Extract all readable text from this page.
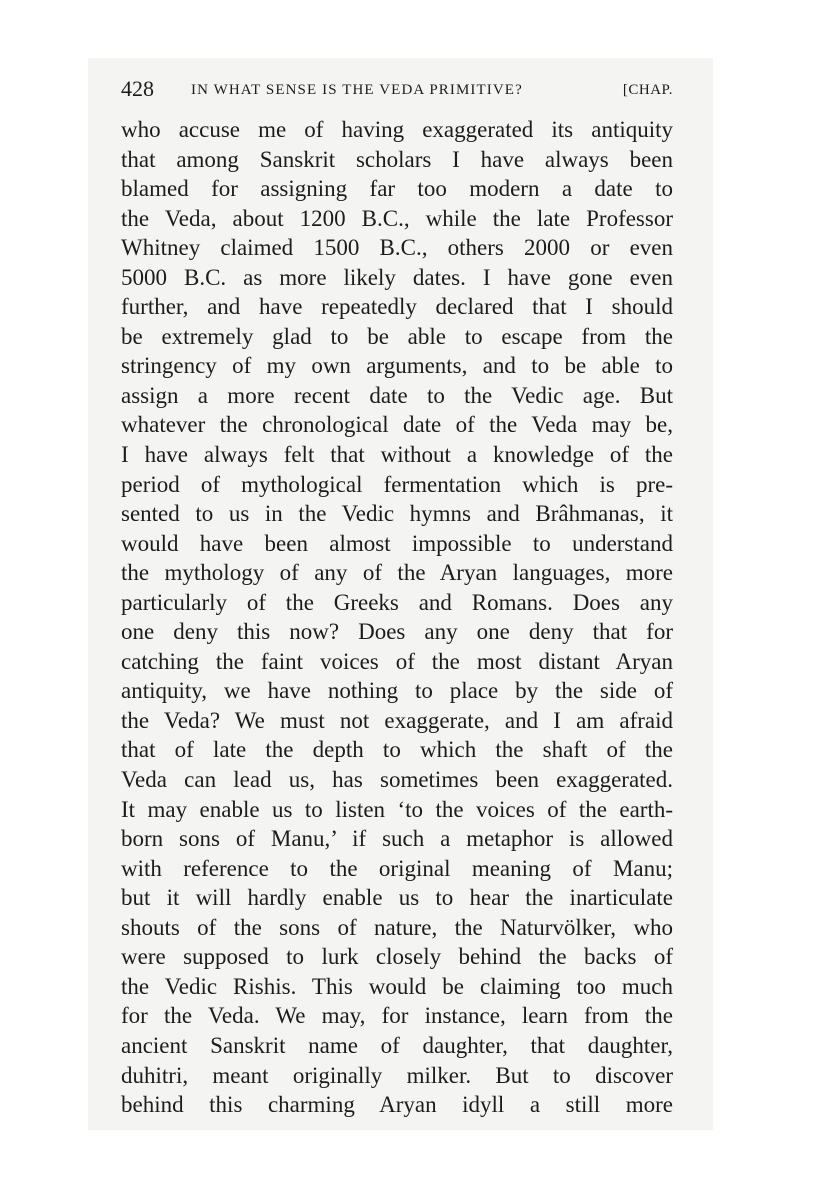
428 IN WHAT SENSE IS THE VEDA PRIMITIVE?	[CHAP.
who accuse me of having exaggerated its antiquity
that among Sanskrit scholars I have always been
blamed for assigning far too modern a date to
the Veda, about 1200 B.C., while the late Professor
Whitney claimed 1500 B.C., others 2000 or even
5000 B.C. as more likely dates. I have gone even
further, and have repeatedly declared that I should
be extremely glad to be able to escape from the
stringency of my own arguments, and to be able to
assign a more recent date to the Vedic age. But
whatever the chronological date of the Veda may be,
I have always felt that without a knowledge of the
period of mythological fermentation which is pre-
sented to us in the Vedic hymns and Brâhmanas, it
would have been almost impossible to understand
the mythology of any of the Aryan languages, more
particularly of the Greeks and Romans. Does any
one deny this now? Does any one deny that for
catching the faint voices of the most distant Aryan
antiquity, we have nothing to place by the side of
the Veda? We must not exaggerate, and I am afraid
that of late the depth to which the shaft of the
Veda can lead us, has sometimes been exaggerated.
It may enable us to listen ‘to the voices of the earth-
born sons of Manu,’ if such a metaphor is allowed
with reference to the original meaning of Manu;
but it will hardly enable us to hear the inarticulate
shouts of the sons of nature, the Naturvölker, who
were supposed to lurk closely behind the backs of
the Vedic Rishis. This would be claiming too much
for the Veda. We may, for instance, learn from the
ancient Sanskrit name of daughter, that daughter,
duhitri, meant originally milker. But to discover
behind this charming Aryan idyll a still more
